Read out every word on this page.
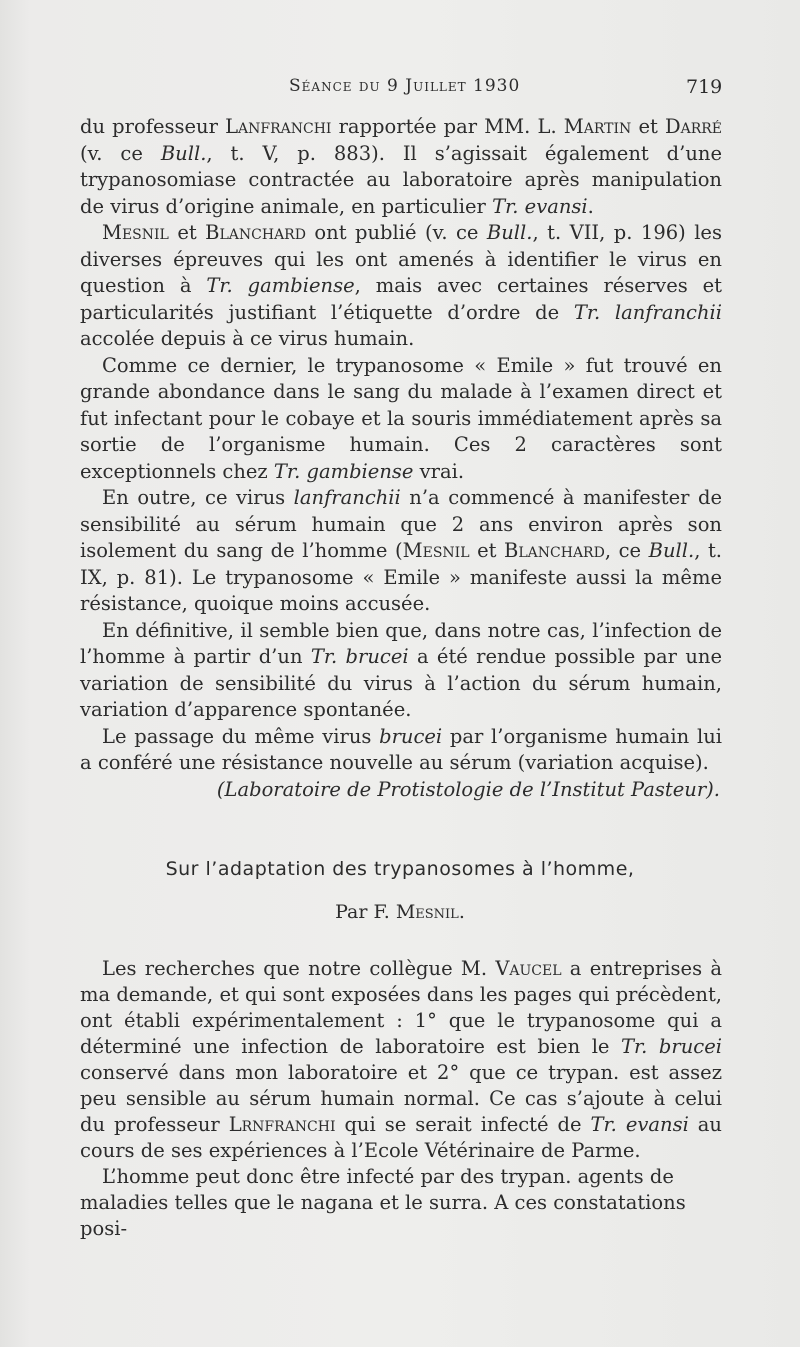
Séance du 9 Juillet 1930	719

du professeur Lanfranchi rapportée par MM. L. Martin et Darré (v. ce Bull., t. V, p. 883). Il s’agissait également d’une trypanosomiase contractée au laboratoire après manipulation de virus d’origine animale, en particulier Tr. evansi.

Mesnil et Blanchard ont publié (v. ce Bull., t. VII, p. 196) les diverses épreuves qui les ont amenés à identifier le virus en question à Tr. gambiense, mais avec certaines réserves et particularités justifiant l’étiquette d’ordre de Tr. lanfranchii accolée depuis à ce virus humain.

Comme ce dernier, le trypanosome « Emile » fut trouvé en grande abondance dans le sang du malade à l’examen direct et fut infectant pour le cobaye et la souris immédiatement après sa sortie de l’organisme humain. Ces 2 caractères sont exceptionnels chez Tr. gambiense vrai.

En outre, ce virus lanfranchii n’a commencé à manifester de sensibilité au sérum humain que 2 ans environ après son isolement du sang de l’homme (Mesnil et Blanchard, ce Bull., t. IX, p. 81). Le trypanosome « Emile » manifeste aussi la même résistance, quoique moins accusée.

En définitive, il semble bien que, dans notre cas, l’infection de l’homme à partir d’un Tr. brucei a été rendue possible par une variation de sensibilité du virus à l’action du sérum humain, variation d’apparence spontanée.

Le passage du même virus brucei par l’organisme humain lui a conféré une résistance nouvelle au sérum (variation acquise).

(Laboratoire de Protistologie de l’Institut Pasteur).

Sur l’adaptation des trypanosomes à l’homme,
Par F. Mesnil.

Les recherches que notre collègue M. Vaucel a entreprises à ma demande, et qui sont exposées dans les pages qui précèdent, ont établi expérimentalement : 1° que le trypanosome qui a déterminé une infection de laboratoire est bien le Tr. brucei conservé dans mon laboratoire et 2° que ce trypan. est assez peu sensible au sérum humain normal. Ce cas s’ajoute à celui du professeur Lrnfranchi qui se serait infecté de Tr. evansi au cours de ses expériences à l’Ecole Vétérinaire de Parme.

L’homme peut donc être infecté par des trypan. agents de maladies telles que le nagana et le surra. A ces constatations posi-
